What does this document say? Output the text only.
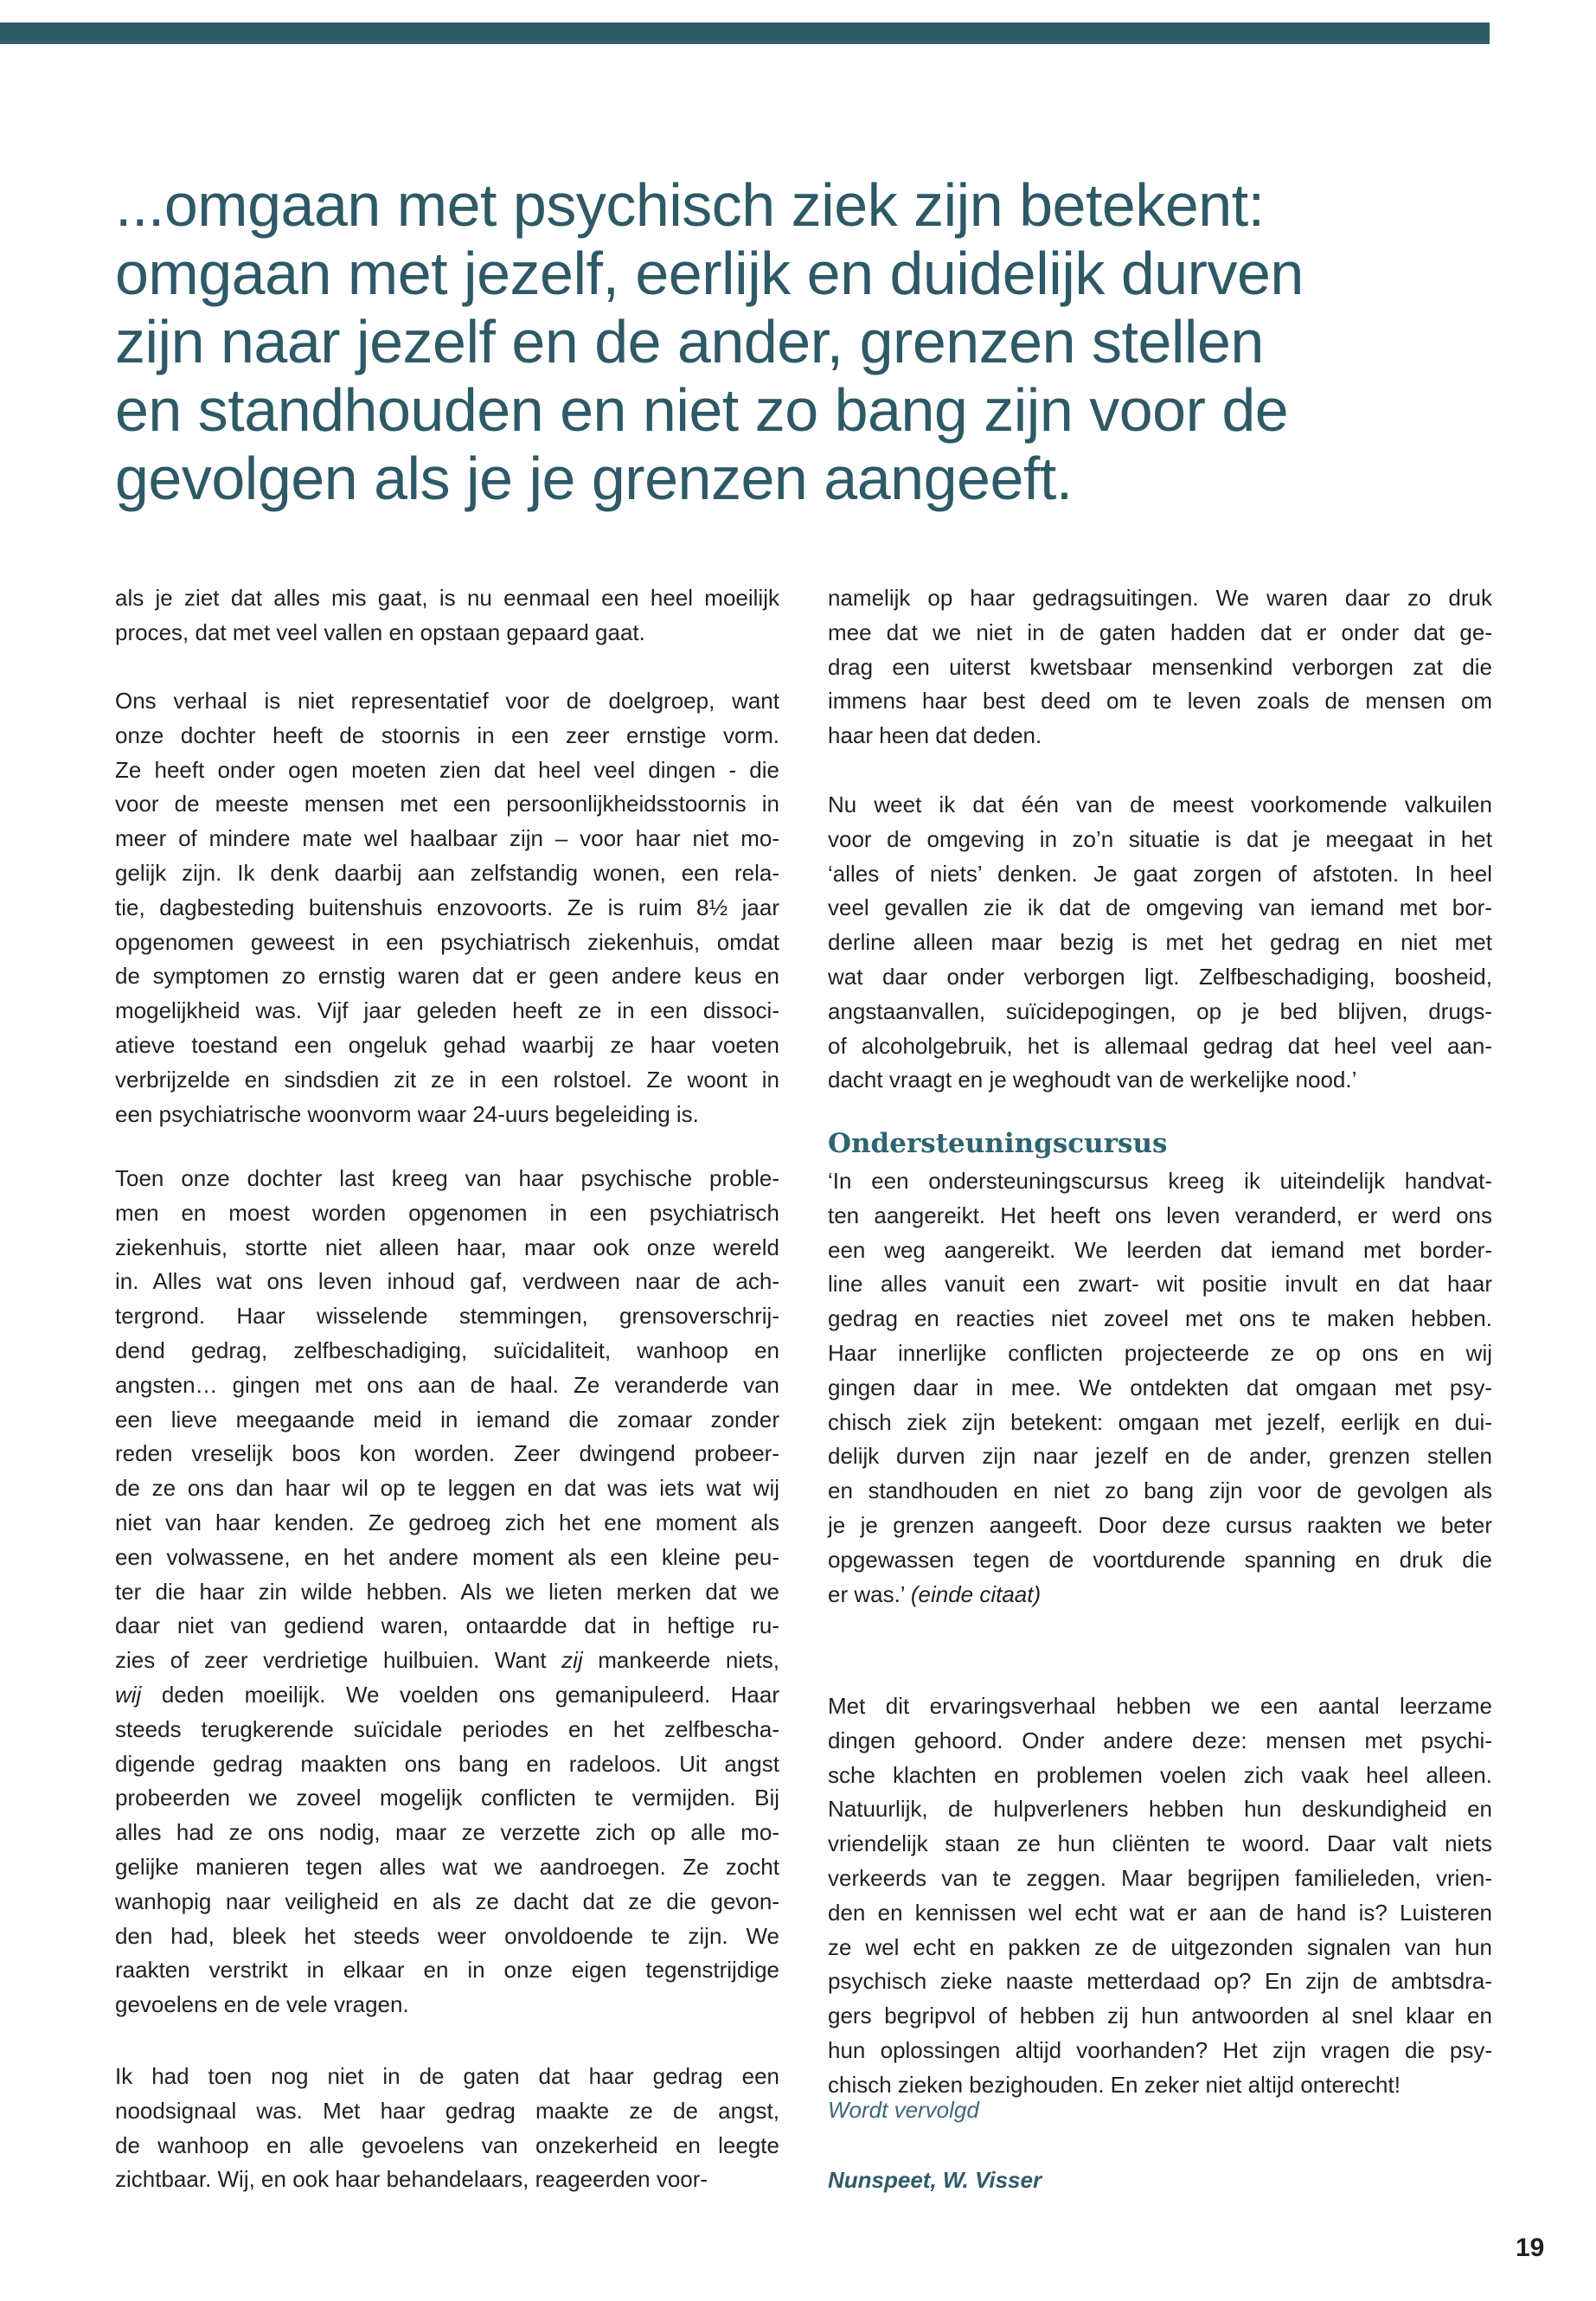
...omgaan met psychisch ziek zijn betekent:
omgaan met jezelf, eerlijk en duidelijk durven
zijn naar jezelf en de ander, grenzen stellen
en standhouden en niet zo bang zijn voor de
gevolgen als je je grenzen aangeeft.
als je ziet dat alles mis gaat, is nu eenmaal een heel moeilijk
proces, dat met veel vallen en opstaan gepaard gaat.
Ons verhaal is niet representatief voor de doelgroep, want
onze dochter heeft de stoornis in een zeer ernstige vorm.
Ze heeft onder ogen moeten zien dat heel veel dingen - die
voor de meeste mensen met een persoonlijkheidsstoornis in
meer of mindere mate wel haalbaar zijn – voor haar niet mo-
gelijk zijn. Ik denk daarbij aan zelfstandig wonen, een rela-
tie, dagbesteding buitenshuis enzovoorts. Ze is ruim 8½ jaar
opgenomen geweest in een psychiatrisch ziekenhuis, omdat
de symptomen zo ernstig waren dat er geen andere keus en
mogelijkheid was. Vijf jaar geleden heeft ze in een dissoci-
atieve toestand een ongeluk gehad waarbij ze haar voeten
verbrijzelde en sindsdien zit ze in een rolstoel. Ze woont in
een psychiatrische woonvorm waar 24-uurs begeleiding is.
Toen onze dochter last kreeg van haar psychische proble-
men en moest worden opgenomen in een psychiatrisch
ziekenhuis, stortte niet alleen haar, maar ook onze wereld
in. Alles wat ons leven inhoud gaf, verdween naar de ach-
tergrond. Haar wisselende stemmingen, grensoverschrij-
dend gedrag, zelfbeschadiging, suïcidaliteit, wanhoop en
angsten… gingen met ons aan de haal. Ze veranderde van
een lieve meegaande meid in iemand die zomaar zonder
reden vreselijk boos kon worden. Zeer dwingend probeer-
de ze ons dan haar wil op te leggen en dat was iets wat wij
niet van haar kenden. Ze gedroeg zich het ene moment als
een volwassene, en het andere moment als een kleine peu-
ter die haar zin wilde hebben. Als we lieten merken dat we
daar niet van gediend waren, ontaardde dat in heftige ru-
zies of zeer verdrietige huilbuien. Want zij mankeerde niets,
wij deden moeilijk. We voelden ons gemanipuleerd. Haar
steeds terugkerende suïcidale periodes en het zelfbescha-
digende gedrag maakten ons bang en radeloos. Uit angst
probeerden we zoveel mogelijk conflicten te vermijden. Bij
alles had ze ons nodig, maar ze verzette zich op alle mo-
gelijke manieren tegen alles wat we aandroegen. Ze zocht
wanhopig naar veiligheid en als ze dacht dat ze die gevon-
den had, bleek het steeds weer onvoldoende te zijn. We
raakten verstrikt in elkaar en in onze eigen tegenstrijdige
gevoelens en de vele vragen.
Ik had toen nog niet in de gaten dat haar gedrag een
noodsignaal was. Met haar gedrag maakte ze de angst,
de wanhoop en alle gevoelens van onzekerheid en leegte
zichtbaar. Wij, en ook haar behandelaars, reageerden voor-
Ondersteuningscursus
Wordt vervolgd
Nunspeet, W. Visser
namelijk op haar gedragsuitingen. We waren daar zo druk
mee dat we niet in de gaten hadden dat er onder dat ge-
drag een uiterst kwetsbaar mensenkind verborgen zat die
immens haar best deed om te leven zoals de mensen om
haar heen dat deden.
Nu weet ik dat één van de meest voorkomende valkuilen
voor de omgeving in zo’n situatie is dat je meegaat in het
‘alles of niets’ denken. Je gaat zorgen of afstoten. In heel
veel gevallen zie ik dat de omgeving van iemand met bor-
derline alleen maar bezig is met het gedrag en niet met
wat daar onder verborgen ligt. Zelfbeschadiging, boosheid,
angstaanvallen, suïcidepogingen, op je bed blijven, drugs-
of alcoholgebruik, het is allemaal gedrag dat heel veel aan-
dacht vraagt en je weghoudt van de werkelijke nood.’
‘In een ondersteuningscursus kreeg ik uiteindelijk handvat-
ten aangereikt. Het heeft ons leven veranderd, er werd ons
een weg aangereikt. We leerden dat iemand met border-
line alles vanuit een zwart- wit positie invult en dat haar
gedrag en reacties niet zoveel met ons te maken hebben.
Haar innerlijke conflicten projecteerde ze op ons en wij
gingen daar in mee. We ontdekten dat omgaan met psy-
chisch ziek zijn betekent: omgaan met jezelf, eerlijk en dui-
delijk durven zijn naar jezelf en de ander, grenzen stellen
en standhouden en niet zo bang zijn voor de gevolgen als
je je grenzen aangeeft. Door deze cursus raakten we beter
opgewassen tegen de voortdurende spanning en druk die
er was.’ (einde citaat)
Met dit ervaringsverhaal hebben we een aantal leerzame
dingen gehoord. Onder andere deze: mensen met psychi-
sche klachten en problemen voelen zich vaak heel alleen.
Natuurlijk, de hulpverleners hebben hun deskundigheid en
vriendelijk staan ze hun cliënten te woord. Daar valt niets
verkeerds van te zeggen. Maar begrijpen familieleden, vrien-
den en kennissen wel echt wat er aan de hand is? Luisteren
ze wel echt en pakken ze de uitgezonden signalen van hun
psychisch zieke naaste metterdaad op? En zijn de ambtsdra-
gers begripvol of hebben zij hun antwoorden al snel klaar en
hun oplossingen altijd voorhanden? Het zijn vragen die psy-
chisch zieken bezighouden. En zeker niet altijd onterecht!
19
